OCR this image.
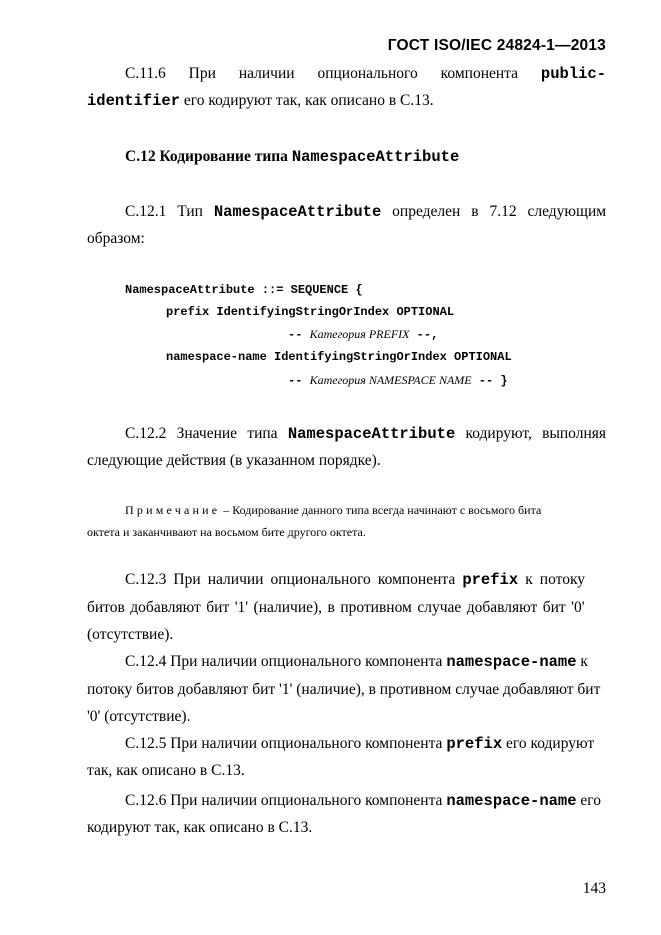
ГОСТ ISO/IEC 24824-1—2013
C.11.6 При наличии опционального компонента public-
identifier его кодируют так, как описано в С.13.
С.12 Кодирование типа NamespaceAttribute
С.12.1 Тип NamespaceAttribute определен в 7.12 следующим
образом:
NamespaceAttribute ::= SEQUENCE {
prefix IdentifyingStringOrIndex OPTIONAL
-- Категория PREFIX --,
namespace-name IdentifyingStringOrIndex OPTIONAL
-- Категория NAMESPACE NAME -- }
С.12.2 Значение типа NamespaceAttribute кодируют, выполняя
следующие действия (в указанном порядке).
Примечание – Кодирование данного типа всегда начинают с восьмого бита
октета и заканчивают на восьмом бите другого октета.
С.12.3 При наличии опционального компонента prefix к потоку
битов добавляют бит '1' (наличие), в противном случае добавляют бит '0'
(отсутствие).
С.12.4 При наличии опционального компонента namespace-name к
потоку битов добавляют бит '1' (наличие), в противном случае добавляют бит
'0' (отсутствие).
С.12.5 При наличии опционального компонента prefix его кодируют
так, как описано в С.13.
С.12.6 При наличии опционального компонента namespace-name его
кодируют так, как описано в С.13.
143
